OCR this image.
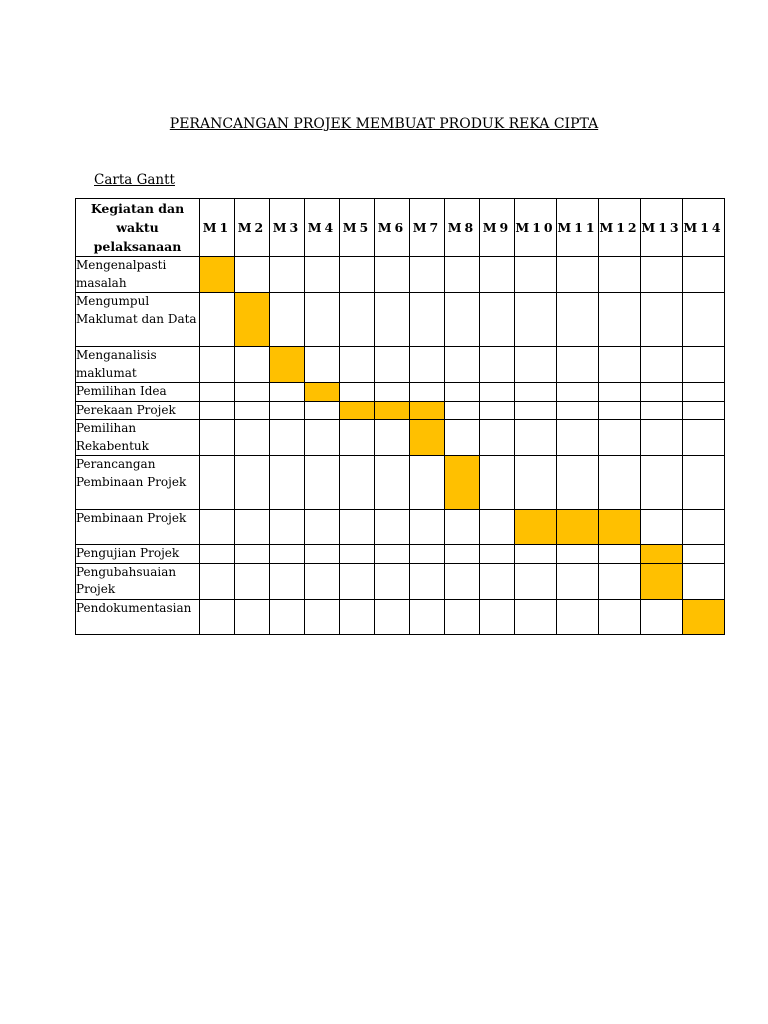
PERANCANGAN PROJEK MEMBUAT PRODUK REKA CIPTA
Carta Gantt
Kegiatan dan waktu pelaksanaan	M1	M2	M3	M4	M5	M6	M7	M8	M9	M10	M11	M12	M13	M14
Mengenalpasti masalah														
Mengumpul Maklumat dan Data														
Menganalisis maklumat														
Pemilihan Idea														
Perekaan Projek														
Pemilihan Rekabentuk														
Perancangan Pembinaan Projek														
Pembinaan Projek														
Pengujian Projek														
Pengubahsuaian Projek														
Pendokumentasian														
